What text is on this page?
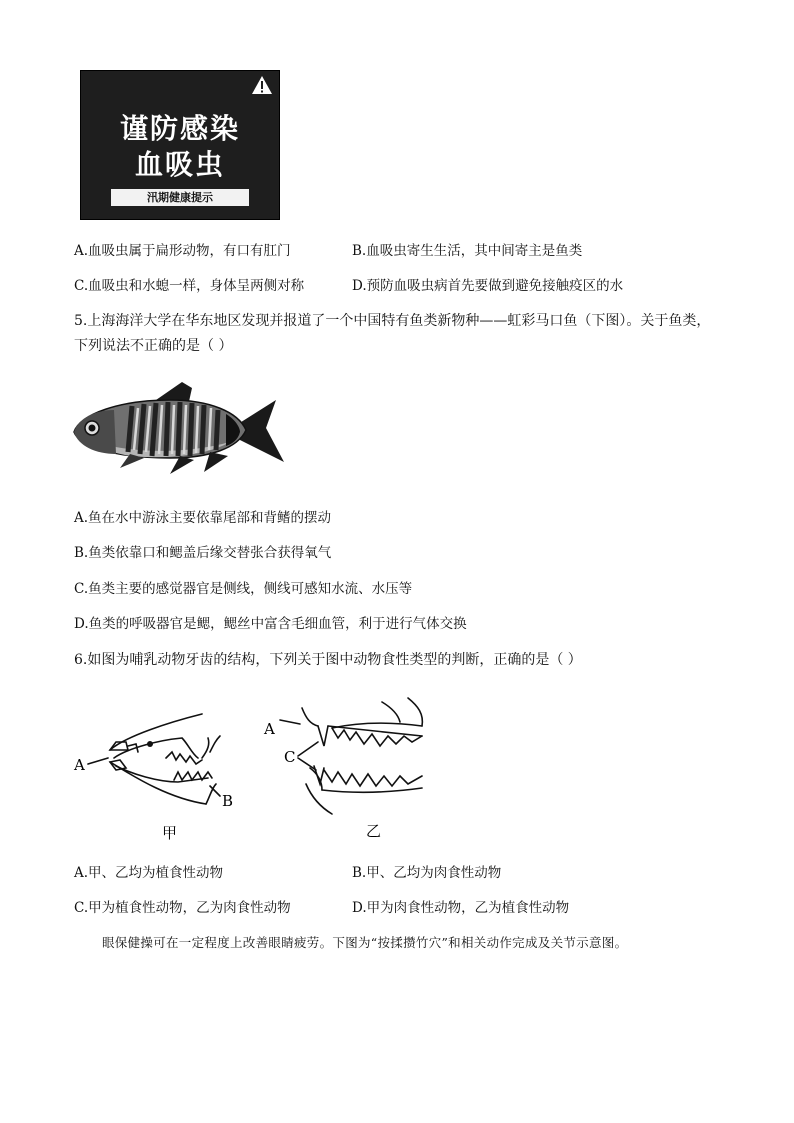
谨防感染
血吸虫
汛期健康提示
A.血吸虫属于扁形动物，有口有肛门	B.血吸虫寄生生活，其中间寄主是鱼类
C.血吸虫和水螅一样，身体呈两侧对称	D.预防血吸虫病首先要做到避免接触疫区的水
5.上海海洋大学在华东地区发现并报道了一个中国特有鱼类新物种——虹彩马口鱼（下图）。关于鱼类，
下列说法不正确的是（ ）
A.鱼在水中游泳主要依靠尾部和背鳍的摆动
B.鱼类依靠口和鳃盖后缘交替张合获得氧气
C.鱼类主要的感觉器官是侧线，侧线可感知水流、水压等
D.鱼类的呼吸器官是鳃，鳃丝中富含毛细血管，利于进行气体交换
6.如图为哺乳动物牙齿的结构，下列关于图中动物食性类型的判断，正确的是（ ）
A
B
甲
A
C
乙
A.甲、乙均为植食性动物	B.甲、乙均为肉食性动物
C.甲为植食性动物，乙为肉食性动物	D.甲为肉食性动物，乙为植食性动物
眼保健操可在一定程度上改善眼睛疲劳。下图为“按揉攒竹穴”和相关动作完成及关节示意图。
